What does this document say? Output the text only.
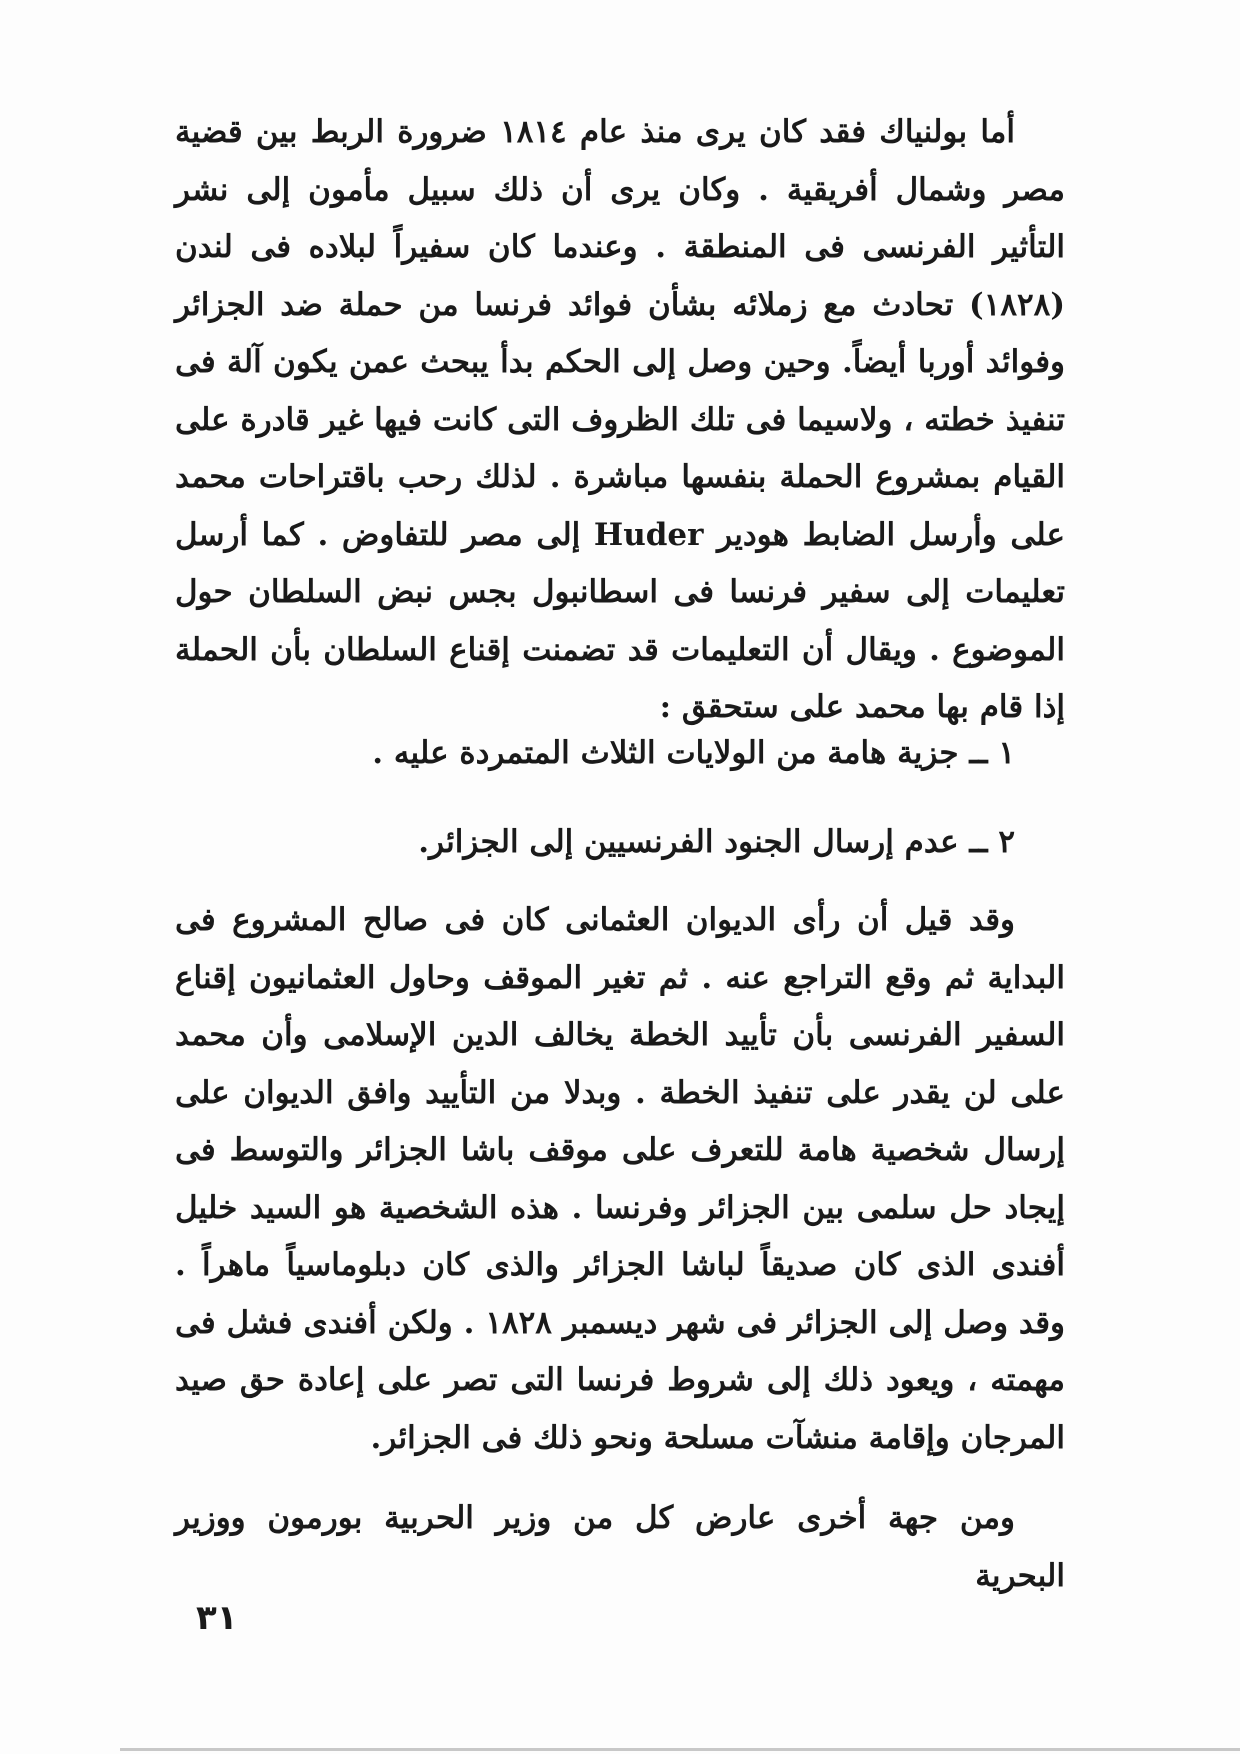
أما بولنياك فقد كان يرى منذ عام ١٨١٤ ضرورة الربط بين قضية مصر وشمال أفريقية . وكان يرى أن ذلك سبيل مأمون إلى نشر التأثير الفرنسى فى المنطقة . وعندما كان سفيراً لبلاده فى لندن (١٨٢٨) تحادث مع زملائه بشأن فوائد فرنسا من حملة ضد الجزائر وفوائد أوربا أيضاً. وحين وصل إلى الحكم بدأ يبحث عمن يكون آلة فى تنفيذ خطته ، ولاسيما فى تلك الظروف التى كانت فيها غير قادرة على القيام بمشروع الحملة بنفسها مباشرة . لذلك رحب باقتراحات محمد على وأرسل الضابط هودير Huder إلى مصر للتفاوض . كما أرسل تعليمات إلى سفير فرنسا فى اسطانبول بجس نبض السلطان حول الموضوع . ويقال أن التعليمات قد تضمنت إقناع السلطان بأن الحملة إذا قام بها محمد على ستحقق :

١ ــ جزية هامة من الولايات الثلاث المتمردة عليه .

٢ ــ عدم إرسال الجنود الفرنسيين إلى الجزائر.

وقد قيل أن رأى الديوان العثمانى كان فى صالح المشروع فى البداية ثم وقع التراجع عنه . ثم تغير الموقف وحاول العثمانيون إقناع السفير الفرنسى بأن تأييد الخطة يخالف الدين الإسلامى وأن محمد على لن يقدر على تنفيذ الخطة . وبدلا من التأييد وافق الديوان على إرسال شخصية هامة للتعرف على موقف باشا الجزائر والتوسط فى إيجاد حل سلمى بين الجزائر وفرنسا . هذه الشخصية هو السيد خليل أفندى الذى كان صديقاً لباشا الجزائر والذى كان دبلوماسياً ماهراً . وقد وصل إلى الجزائر فى شهر ديسمبر ١٨٢٨ . ولكن أفندى فشل فى مهمته ، ويعود ذلك إلى شروط فرنسا التى تصر على إعادة حق صيد المرجان وإقامة منشآت مسلحة ونحو ذلك فى الجزائر.

ومن جهة أخرى عارض كل من وزير الحربية بورمون ووزير البحرية

٣١
